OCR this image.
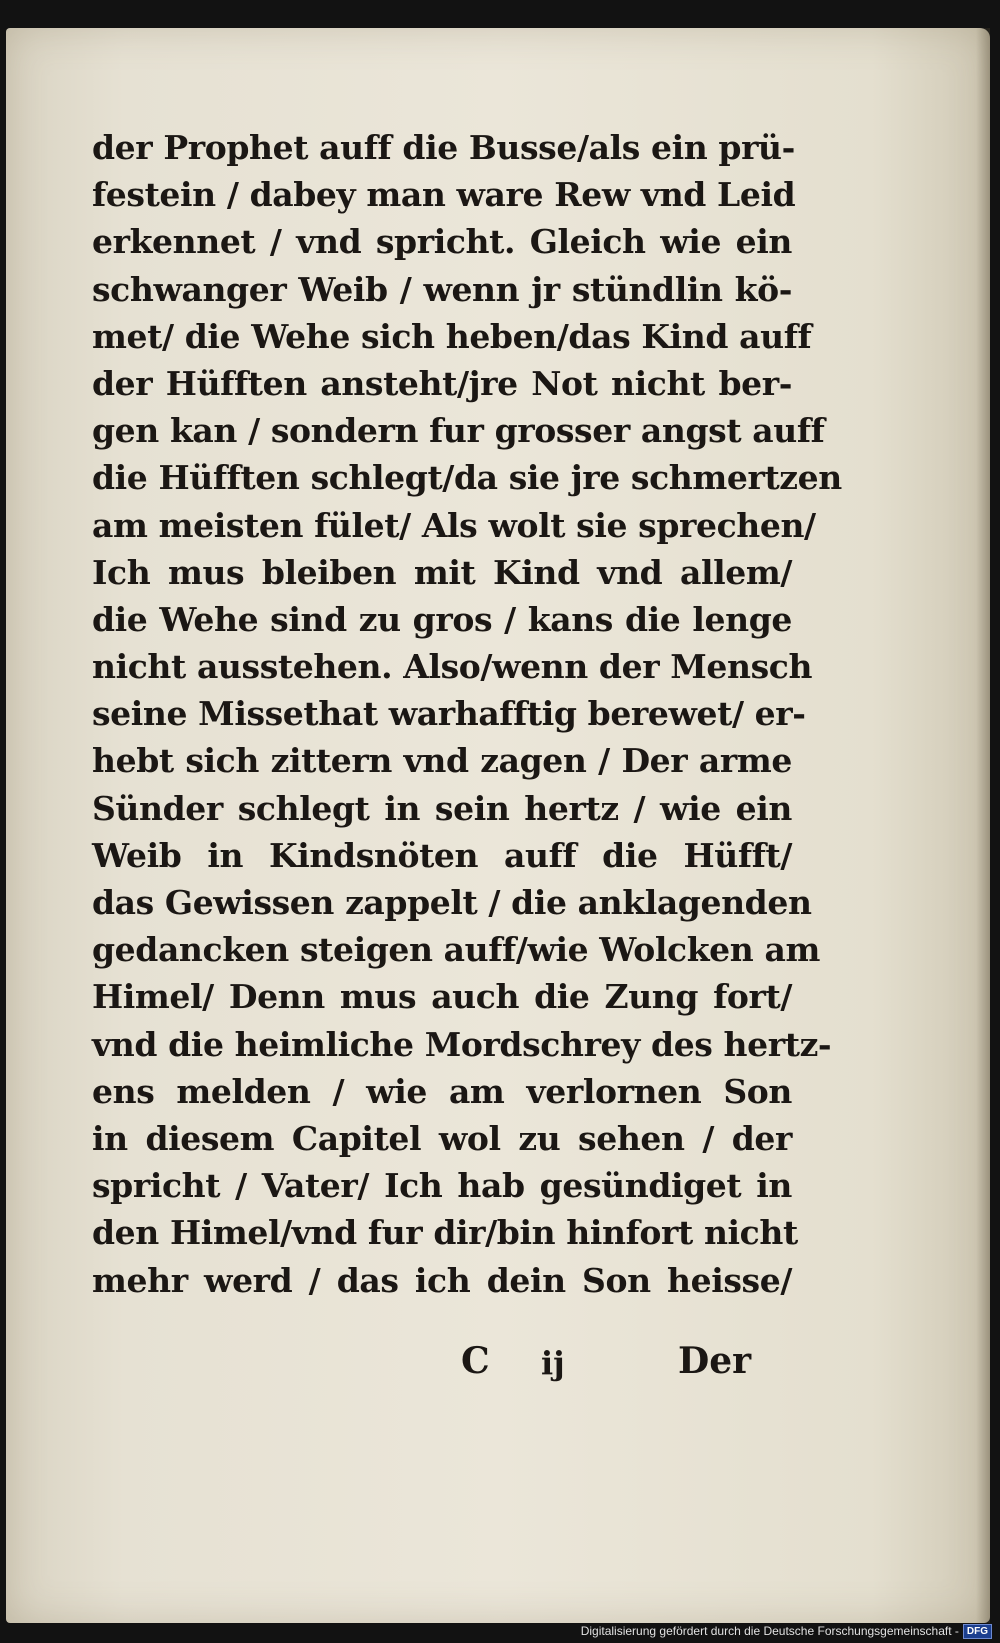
der Prophet auff die Busse/als ein prü-
festein / dabey man ware Rew vnd Leid
erkennet / vnd spricht. Gleich wie ein
schwanger Weib / wenn jr stündlin kö-
met/ die Wehe sich heben/das Kind auff
der Hüfften ansteht/jre Not nicht ber-
gen kan / sondern fur grosser angst auff
die Hüfften schlegt/da sie jre schmertzen
am meisten fület/ Als wolt sie sprechen/
Ich mus bleiben mit Kind vnd allem/
die Wehe sind zu gros / kans die lenge
nicht ausstehen. Also/wenn der Mensch
seine Missethat warhafftig berewet/ er-
hebt sich zittern vnd zagen / Der arme
Sünder schlegt in sein hertz / wie ein
Weib in Kindsnöten auff die Hüfft/
das Gewissen zappelt / die anklagenden
gedancken steigen auff/wie Wolcken am
Himel/ Denn mus auch die Zung fort/
vnd die heimliche Mordschrey des hertz-
ens melden / wie am verlornen Son
in diesem Capitel wol zu sehen / der
spricht / Vater/ Ich hab gesündiget in
den Himel/vnd fur dir/bin hinfort nicht
mehr werd / das ich dein Son heisse/
C ij	Der
Digitalisierung gefördert durch die Deutsche Forschungsgemeinschaft - DFG
